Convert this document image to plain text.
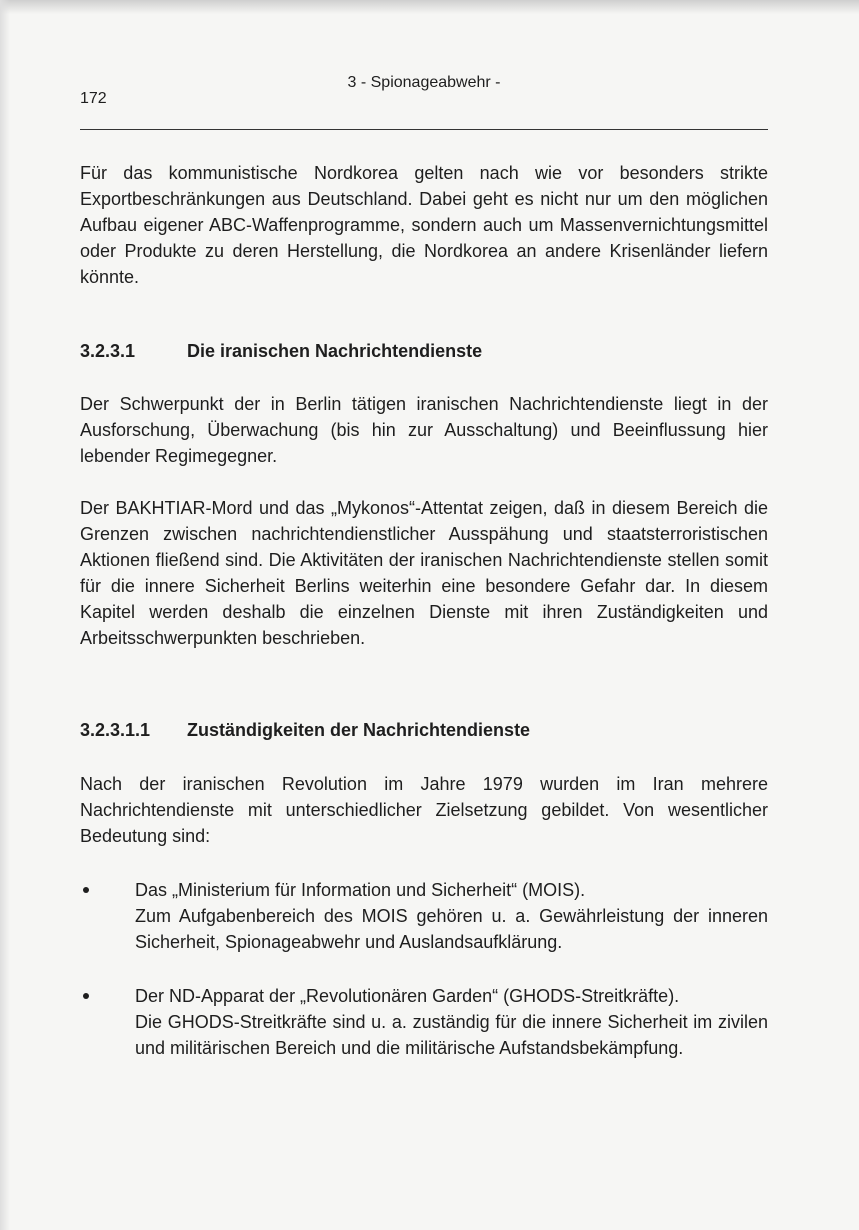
3 - Spionageabwehr -
172

Für das kommunistische Nordkorea gelten nach wie vor besonders strikte Exportbeschränkungen aus Deutschland. Dabei geht es nicht nur um den möglichen Aufbau eigener ABC-Waffenprogramme, sondern auch um Massenvernichtungsmittel oder Produkte zu deren Herstellung, die Nordkorea an andere Krisenländer liefern könnte.

3.2.3.1	Die iranischen Nachrichtendienste

Der Schwerpunkt der in Berlin tätigen iranischen Nachrichtendienste liegt in der Ausforschung, Überwachung (bis hin zur Ausschaltung) und Beeinflussung hier lebender Regimegegner.

Der BAKHTIAR-Mord und das „Mykonos“-Attentat zeigen, daß in diesem Bereich die Grenzen zwischen nachrichtendienstlicher Ausspähung und staatsterroristischen Aktionen fließend sind. Die Aktivitäten der iranischen Nachrichtendienste stellen somit für die innere Sicherheit Berlins weiterhin eine besondere Gefahr dar. In diesem Kapitel werden deshalb die einzelnen Dienste mit ihren Zuständigkeiten und Arbeitsschwerpunkten beschrieben.

3.2.3.1.1	Zuständigkeiten der Nachrichtendienste

Nach der iranischen Revolution im Jahre 1979 wurden im Iran mehrere Nachrichtendienste mit unterschiedlicher Zielsetzung gebildet. Von wesentlicher Bedeutung sind:

Das „Ministerium für Information und Sicherheit“ (MOIS).

Zum Aufgabenbereich des MOIS gehören u. a. Gewährleistung der inneren Sicherheit, Spionageabwehr und Auslandsaufklärung.

Der ND-Apparat der „Revolutionären Garden“ (GHODS-Streitkräfte).

Die GHODS-Streitkräfte sind u. a. zuständig für die innere Sicherheit im zivilen und militärischen Bereich und die militärische Aufstandsbekämpfung.
